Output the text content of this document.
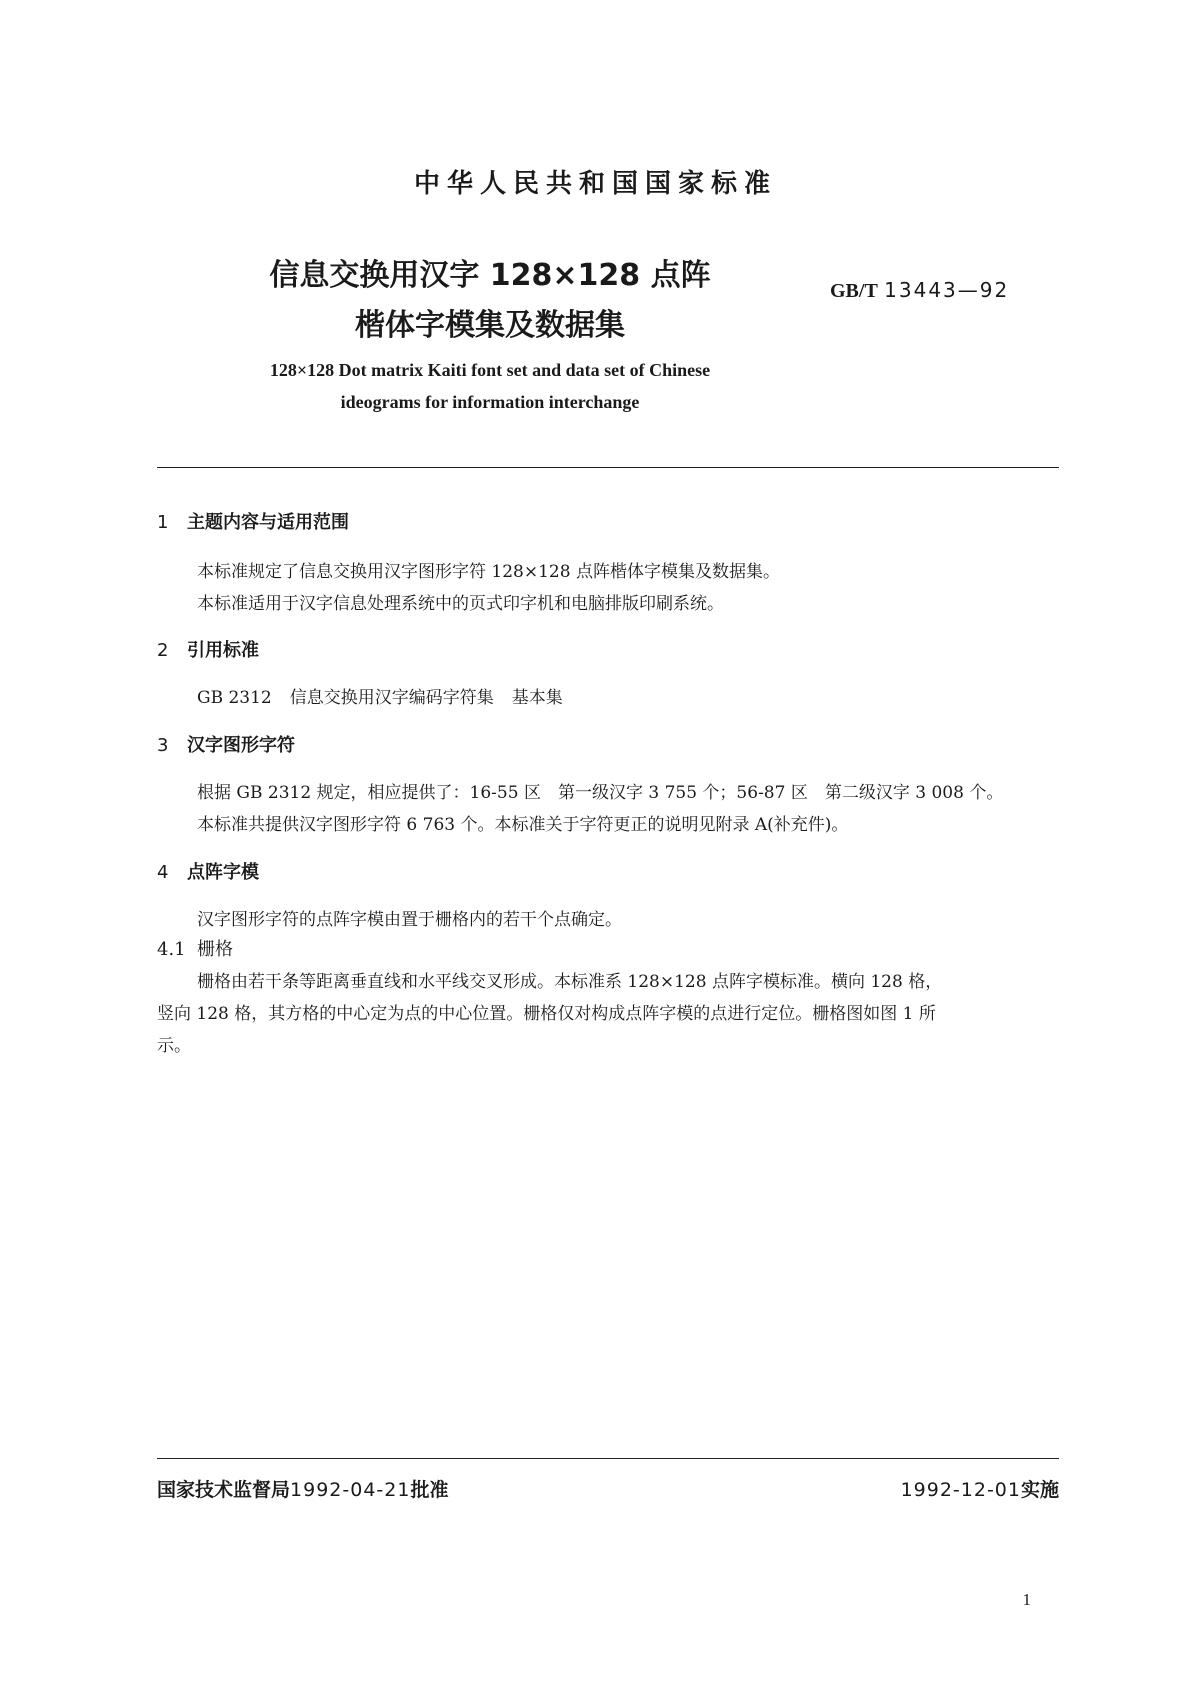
中华人民共和国国家标准
信息交换用汉字 128×128 点阵
楷体字模集及数据集
GB/T 13443—92
128×128 Dot matrix Kaiti font set and data set of Chinese
ideograms for information interchange
1 主题内容与适用范围
本标准规定了信息交换用汉字图形字符 128×128 点阵楷体字模集及数据集。
本标准适用于汉字信息处理系统中的页式印字机和电脑排版印刷系统。
2 引用标准
GB 2312 信息交换用汉字编码字符集 基本集
3 汉字图形字符
根据 GB 2312 规定，相应提供了：16-55 区　第一级汉字 3 755 个；56-87 区　第二级汉字 3 008 个。
本标准共提供汉字图形字符 6 763 个。本标准关于字符更正的说明见附录 A(补充件)。
4 点阵字模
汉字图形字符的点阵字模由置于栅格内的若干个点确定。
4.1 栅格
栅格由若干条等距离垂直线和水平线交叉形成。本标准系 128×128 点阵字模标准。横向 128 格，
竖向 128 格，其方格的中心定为点的中心位置。栅格仅对构成点阵字模的点进行定位。栅格图如图 1 所
示。
国家技术监督局1992-04-21批准	1992-12-01实施
1
